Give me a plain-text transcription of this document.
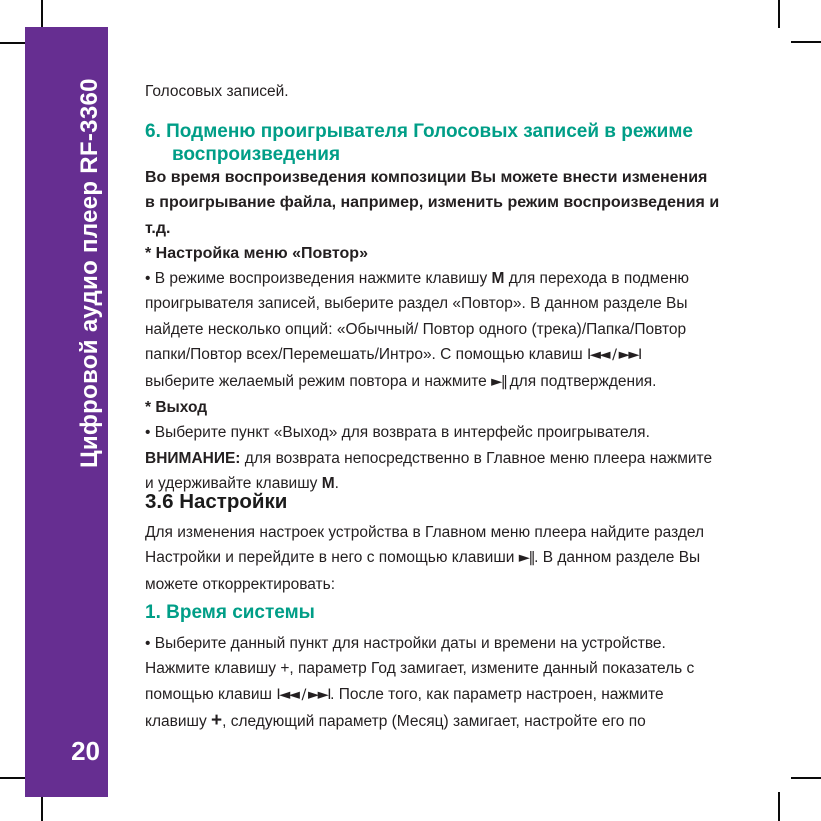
Цифровой аудио плеер RF-3360
20
Голосовых записей.
6. Подменю проигрывателя Голосовых записей в режиме
воспроизведения
Во время воспроизведения композиции Вы можете внести изменения
в проигрывание файла, например, изменить режим воспроизведения и
т.д.
* Настройка меню «Повтор»
• В режиме воспроизведения нажмите клавишу M для перехода в подменю
проигрывателя записей, выберите раздел «Повтор». В данном разделе Вы
найдете несколько опций: «Обычный/ Повтор одного (трека)/Папка/Повтор
папки/Повтор всех/Перемешать/Интро». С помощью клавиш I◄◄ / ►►I
выберите желаемый режим повтора и нажмите ►‖ для подтверждения.
* Выход
• Выберите пункт «Выход» для возврата в интерфейс проигрывателя.
ВНИМАНИЕ: для возврата непосредственно в Главное меню плеера нажмите
и удерживайте клавишу M.
3.6 Настройки
Для изменения настроек устройства в Главном меню плеера найдите раздел
Настройки и перейдите в него с помощью клавиши ►‖. В данном разделе Вы
можете откорректировать:
1. Время системы
• Выберите данный пункт для настройки даты и времени на устройстве.
Нажмите клавишу +, параметр Год замигает, измените данный показатель с
помощью клавиш I◄◄ / ►►I. После того, как параметр настроен, нажмите
клавишу +, следующий параметр (Месяц) замигает, настройте его по
